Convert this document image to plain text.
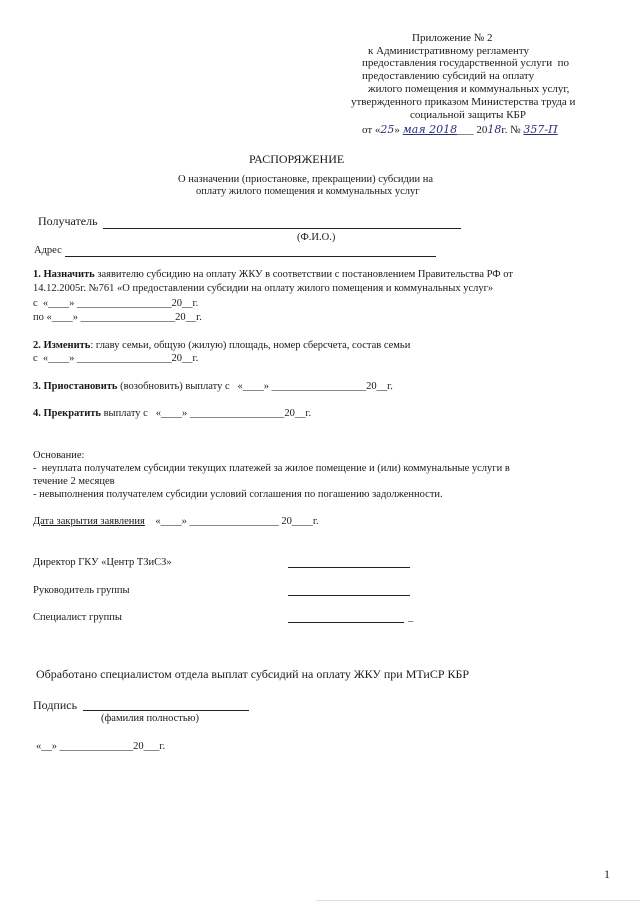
Приложение № 2
к Административному регламенту
предоставления государственной услуги  по
предоставлению субсидий на оплату
жилого помещения и коммунальных услуг,
утвержденного приказом Министерства труда и
социальной защиты КБР
от «25» мая 2018___ 2018г. № 357-П
РАСПОРЯЖЕНИЕ
О назначении (приостановке, прекращении) субсидии на
оплату жилого помещения и коммунальных услуг
Получатель
(Ф.И.О.)
Адрес
1. Назначить заявителю субсидию на оплату ЖКУ в соответствии с постановлением Правительства РФ от
14.12.2005г. №761 «О предоставлении субсидии на оплату жилого помещения и коммунальных услуг»
с  «____» __________________20__г.
по «____» __________________20__г.
2. Изменить: главу семьи, общую (жилую) площадь, номер сберсчета, состав семьи
с  «____» __________________20__г.
3. Приостановить (возобновить) выплату с   «____» __________________20__г.
4. Прекратить выплату с   «____» __________________20__г.
Основание:
-  неуплата получателем субсидии текущих платежей за жилое помещение и (или) коммунальные услуги в
течение 2 месяцев
- невыполнения получателем субсидии условий соглашения по погашению задолженности.
Дата закрытия заявления    «____» _________________ 20____г.
Директор ГКУ «Центр ТЗиСЗ»
Руководитель группы
Специалист группы	_
Обработано специалистом отдела выплат субсидий на оплату ЖКУ при МТиСР КБР
Подпись
(фамилия полностью)
«__» ______________20___г.
1
